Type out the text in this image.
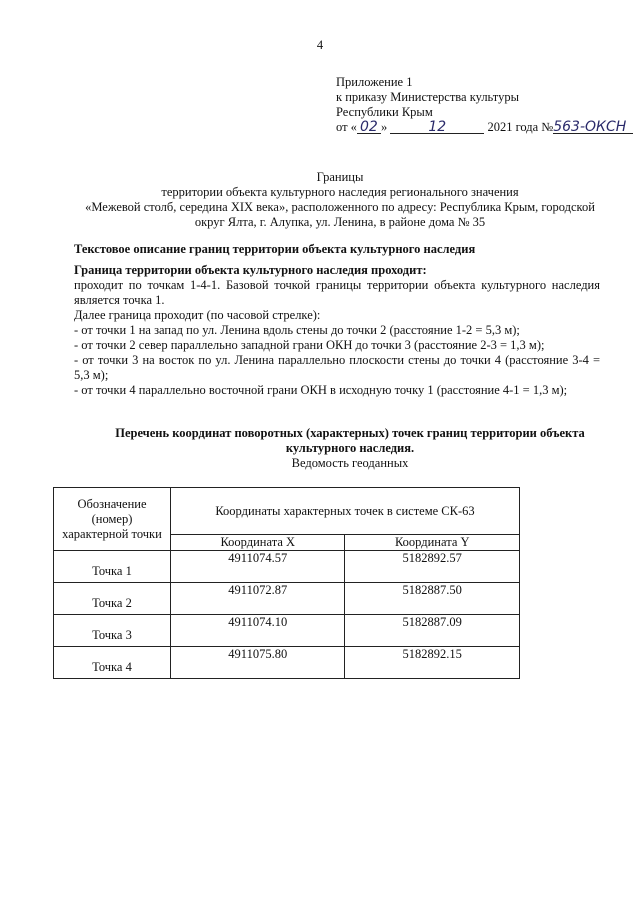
4
Приложение 1
к приказу Министерства культуры
Республики Крым
от « 02 »	12	2021 года №563-ОКСН
Границы
территории объекта культурного наследия регионального значения
«Межевой столб, середина XIX века», расположенного по адресу: Республика Крым, городской
округ Ялта, г. Алупка, ул. Ленина, в районе дома № 35
Текстовое описание границ территории объекта культурного наследия

Граница территории объекта культурного наследия проходит:

проходит по точкам 1-4-1. Базовой точкой границы территории объекта культурного наследия является точка 1.

Далее граница проходит (по часовой стрелке):

- от точки 1 на запад по ул. Ленина вдоль стены до точки 2 (расстояние 1-2 = 5,3 м);

- от точки 2 север параллельно западной грани ОКН до точки 3 (расстояние 2-3 = 1,3 м);

- от точки 3 на восток по ул. Ленина параллельно плоскости стены до точки 4 (расстояние 3-4 = 5,3 м);

- от точки 4 параллельно восточной грани ОКН в исходную точку 1 (расстояние 4-1 = 1,3 м);

Перечень координат поворотных (характерных) точек границ территории объекта
культурного наследия.
Ведомость геоданных
Обозначение (номер) характерной точки	Координаты характерных точек в системе СК-63	
	Координата X	Координата Y
Точка 1	4911074.57	5182892.57
Точка 2	4911072.87	5182887.50
Точка 3	4911074.10	5182887.09
Точка 4	4911075.80	5182892.15
